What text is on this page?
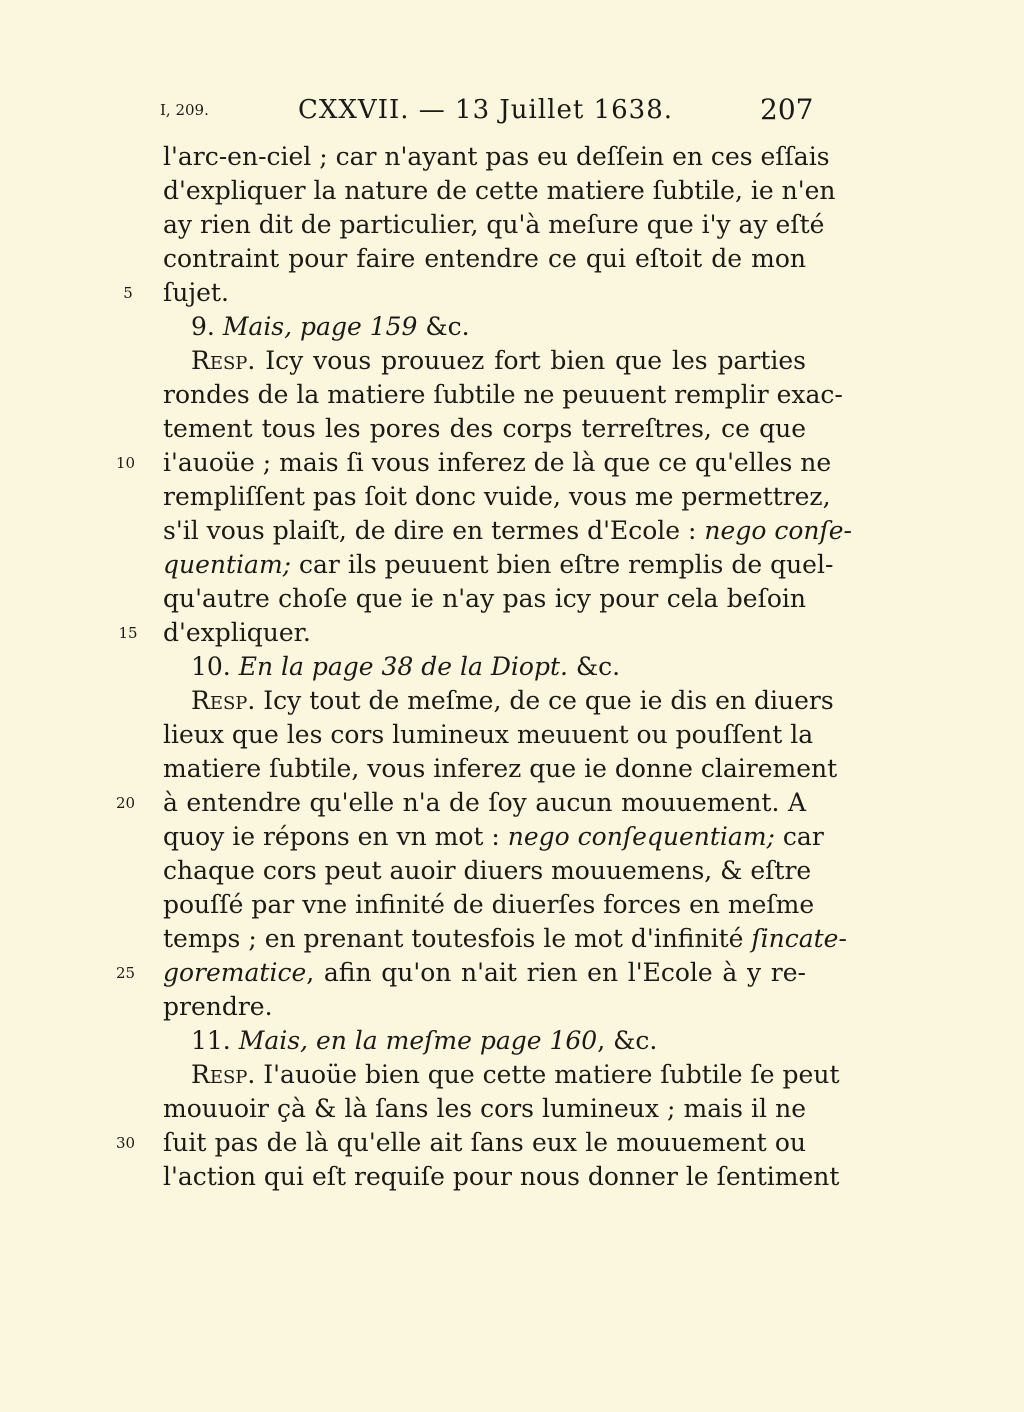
I, 209.	CXXVII. — 13 Juillet 1638.	207
l'arc-en-ciel ; car n'ayant pas eu deſſein en ces eſſais
d'expliquer la nature de cette matiere ſubtile, ie n'en
ay rien dit de particulier, qu'à meſure que i'y ay eſté
contraint pour faire entendre ce qui eſtoit de mon
5 ſujet.
9. Mais, page 159 &c.
Resp. Icy vous prouuez fort bien que les parties
rondes de la matiere ſubtile ne peuuent remplir exac-
tement tous les pores des corps terreſtres, ce que
10 i'auoüe ; mais ſi vous inferez de là que ce qu'elles ne
rempliſſent pas ſoit donc vuide, vous me permettrez,
s'il vous plaiſt, de dire en termes d'Ecole : nego conſe-
quentiam; car ils peuuent bien eſtre remplis de quel-
qu'autre choſe que ie n'ay pas icy pour cela beſoin
15 d'expliquer.
10. En la page 38 de la Diopt. &c.
Resp. Icy tout de meſme, de ce que ie dis en diuers
lieux que les cors lumineux meuuent ou pouſſent la
matiere ſubtile, vous inferez que ie donne clairement
20 à entendre qu'elle n'a de ſoy aucun mouuement. A
quoy ie répons en vn mot : nego conſequentiam; car
chaque cors peut auoir diuers mouuemens, & eſtre
pouſſé par vne infinité de diuerſes forces en meſme
temps ; en prenant toutesfois le mot d'infinité ſincate-
25 gorematice, afin qu'on n'ait rien en l'Ecole à y re-
prendre.
11. Mais, en la meſme page 160, &c.
Resp. I'auoüe bien que cette matiere ſubtile ſe peut
mouuoir çà & là ſans les cors lumineux ; mais il ne
30 ſuit pas de là qu'elle ait ſans eux le mouuement ou
l'action qui eſt requiſe pour nous donner le ſentiment
